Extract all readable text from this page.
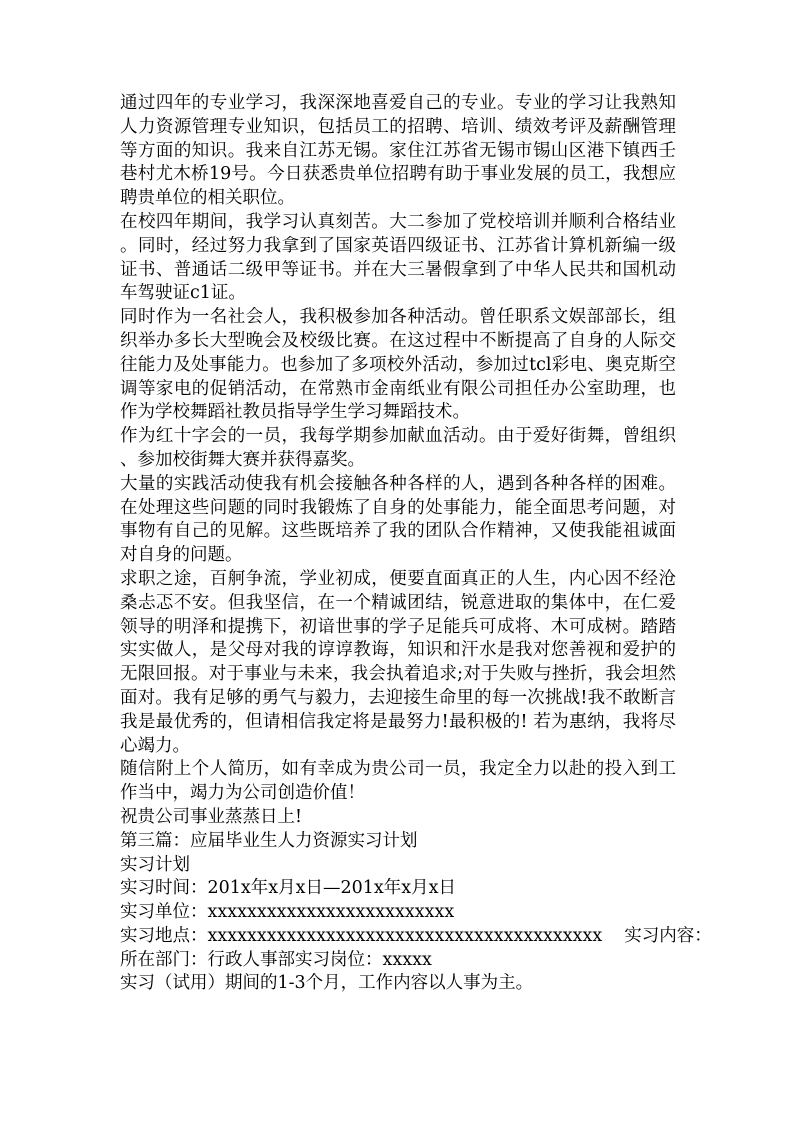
通过四年的专业学习，我深深地喜爱自己的专业。专业的学习让我熟知人力资源管理专业知识，包括员工的招聘、培训、绩效考评及薪酬管理等方面的知识。我来自江苏无锡。家住江苏省无锡市锡山区港下镇西壬巷村尤木桥19号。今日获悉贵单位招聘有助于事业发展的员工，我想应聘贵单位的相关职位。

在校四年期间，我学习认真刻苦。大二参加了党校培训并顺利合格结业。同时，经过努力我拿到了国家英语四级证书、江苏省计算机新编一级证书、普通话二级甲等证书。并在大三暑假拿到了中华人民共和国机动车驾驶证c1证。

同时作为一名社会人，我积极参加各种活动。曾任职系文娱部部长，组织举办多长大型晚会及校级比赛。在这过程中不断提高了自身的人际交往能力及处事能力。也参加了多项校外活动，参加过tcl彩电、奥克斯空调等家电的促销活动，在常熟市金南纸业有限公司担任办公室助理，也作为学校舞蹈社教员指导学生学习舞蹈技术。

作为红十字会的一员，我每学期参加献血活动。由于爱好街舞，曾组织、参加校街舞大赛并获得嘉奖。

大量的实践活动使我有机会接触各种各样的人，遇到各种各样的困难。在处理这些问题的同时我锻炼了自身的处事能力，能全面思考问题，对事物有自己的见解。这些既培养了我的团队合作精神，又使我能祖诚面对自身的问题。

求职之途，百舸争流，学业初成，便要直面真正的人生，内心因不经沧桑忐忑不安。但我坚信，在一个精诚团结，锐意进取的集体中，在仁爱领导的明泽和提携下，初谙世事的学子足能兵可成将、木可成树。踏踏实实做人，是父母对我的谆谆教诲，知识和汗水是我对您善视和爱护的无限回报。对于事业与未来，我会执着追求;对于失败与挫折，我会坦然面对。我有足够的勇气与毅力，去迎接生命里的每一次挑战!我不敢断言我是最优秀的，但请相信我定将是最努力!最积极的! 若为惠纳，我将尽心竭力。

随信附上个人简历，如有幸成为贵公司一员，我定全力以赴的投入到工作当中，竭力为公司创造价值！

祝贵公司事业蒸蒸日上!

第三篇：应届毕业生人力资源实习计划

实习计划

实习时间：201x年x月x日—201x年x月x日

实习单位：xxxxxxxxxxxxxxxxxxxxxxxxx

实习地点：xxxxxxxxxxxxxxxxxxxxxxxxxxxxxxxxxxxxxxxx 实习内容：

所在部门：行政人事部实习岗位：xxxxx

实习（试用）期间的1-3个月，工作内容以人事为主。
